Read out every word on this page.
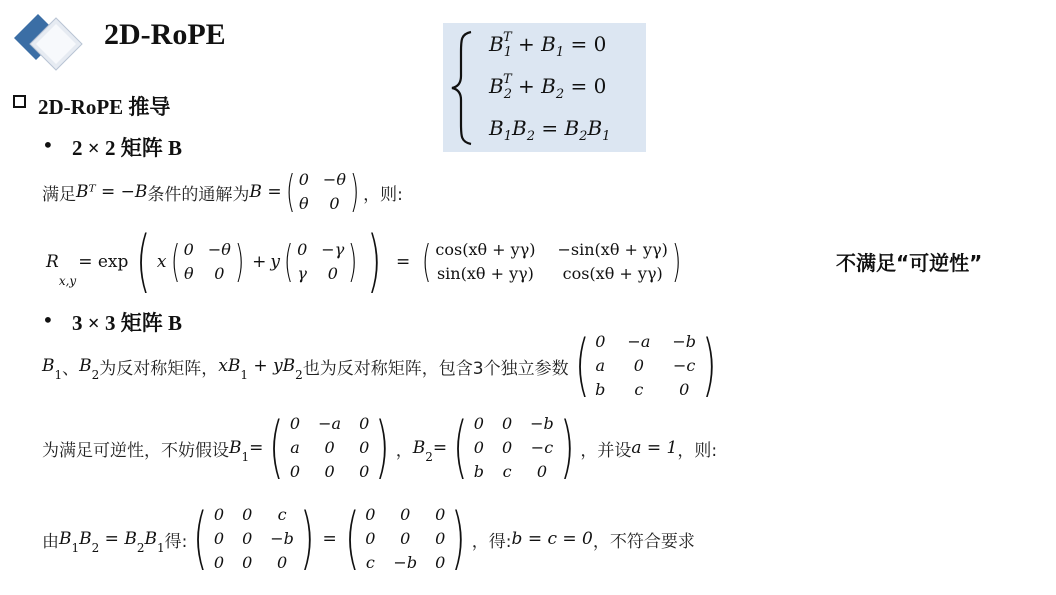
2D-RoPE	$B_1^T + B_1 = 0$
$B_2^T + B_2 = 0$
$B_1B_2 = B_2B_1$
2D-RoPE 推导
• 2 × 2 矩阵 B
满足 Bᵀ = −B 条件的通解为 B = ( 0 −θ
θ	0 ) ，则:
R
x,y
= exp ( x ( 0 −θ
θ	0 ) + y ( 0 −γ
γ	0 ) ) = ( cos(xθ + yγ) −sin(xθ + yγ)
sin(xθ + yγ)	cos(xθ + yγ) )	不满足“可逆性”
• 3 × 3 矩阵 B
B 1 、 B 2 为反对称矩阵， xB 1 + yB 2 也为反对称矩阵，包含3个独立参数 ( 0 −a −b
a	0	−c
b	c	0 )
为满足可逆性，不妨假设 B 1 = ( 0 −a 0
a	0	0
0	0	0 ) ， B 2 = ( 0 0 −b
0 0 −c
b c	0 ) ，并设 a = 1 ，则:
由 B 1 B 2 = B 2 B 1 得: ( 0 0	c
0 0 −b
0 0	0 ) = ( 0	0	0
0	0	0
c −b 0 ) ，得: b = c = 0 ，不符合要求
